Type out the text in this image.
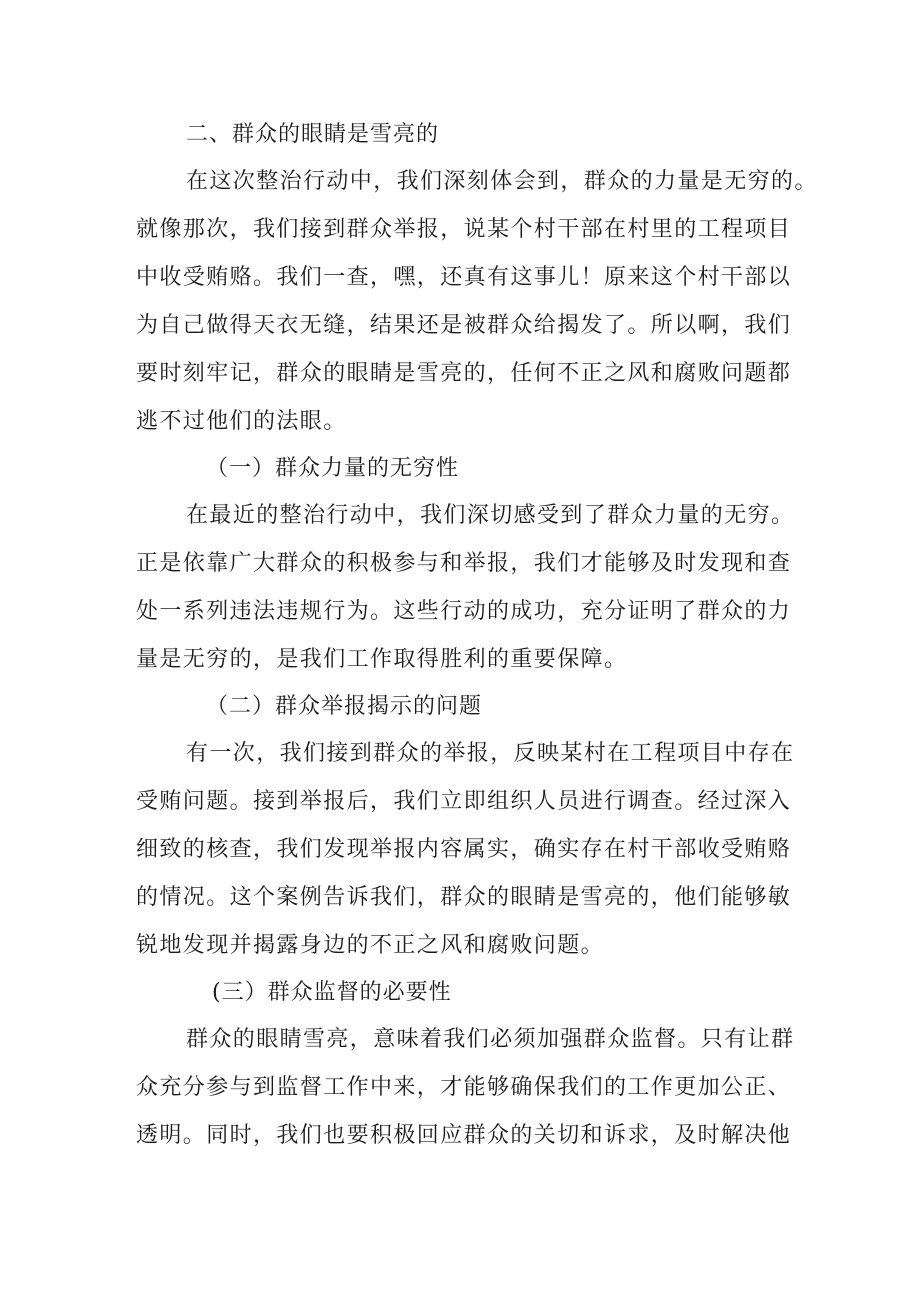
二、群众的眼睛是雪亮的
在这次整治行动中，我们深刻体会到，群众的力量是无穷的。
就像那次，我们接到群众举报，说某个村干部在村里的工程项目
中收受贿赂。我们一查，嘿，还真有这事儿！原来这个村干部以
为自己做得天衣无缝，结果还是被群众给揭发了。所以啊，我们
要时刻牢记，群众的眼睛是雪亮的，任何不正之风和腐败问题都
逃不过他们的法眼。
（一）群众力量的无穷性
在最近的整治行动中，我们深切感受到了群众力量的无穷。
正是依靠广大群众的积极参与和举报，我们才能够及时发现和查
处一系列违法违规行为。这些行动的成功，充分证明了群众的力
量是无穷的，是我们工作取得胜利的重要保障。
（二）群众举报揭示的问题
有一次，我们接到群众的举报，反映某村在工程项目中存在
受贿问题。接到举报后，我们立即组织人员进行调查。经过深入
细致的核查，我们发现举报内容属实，确实存在村干部收受贿赂
的情况。这个案例告诉我们，群众的眼睛是雪亮的，他们能够敏
锐地发现并揭露身边的不正之风和腐败问题。
(三）群众监督的必要性
群众的眼睛雪亮，意味着我们必须加强群众监督。只有让群
众充分参与到监督工作中来，才能够确保我们的工作更加公正、
透明。同时，我们也要积极回应群众的关切和诉求，及时解决他
